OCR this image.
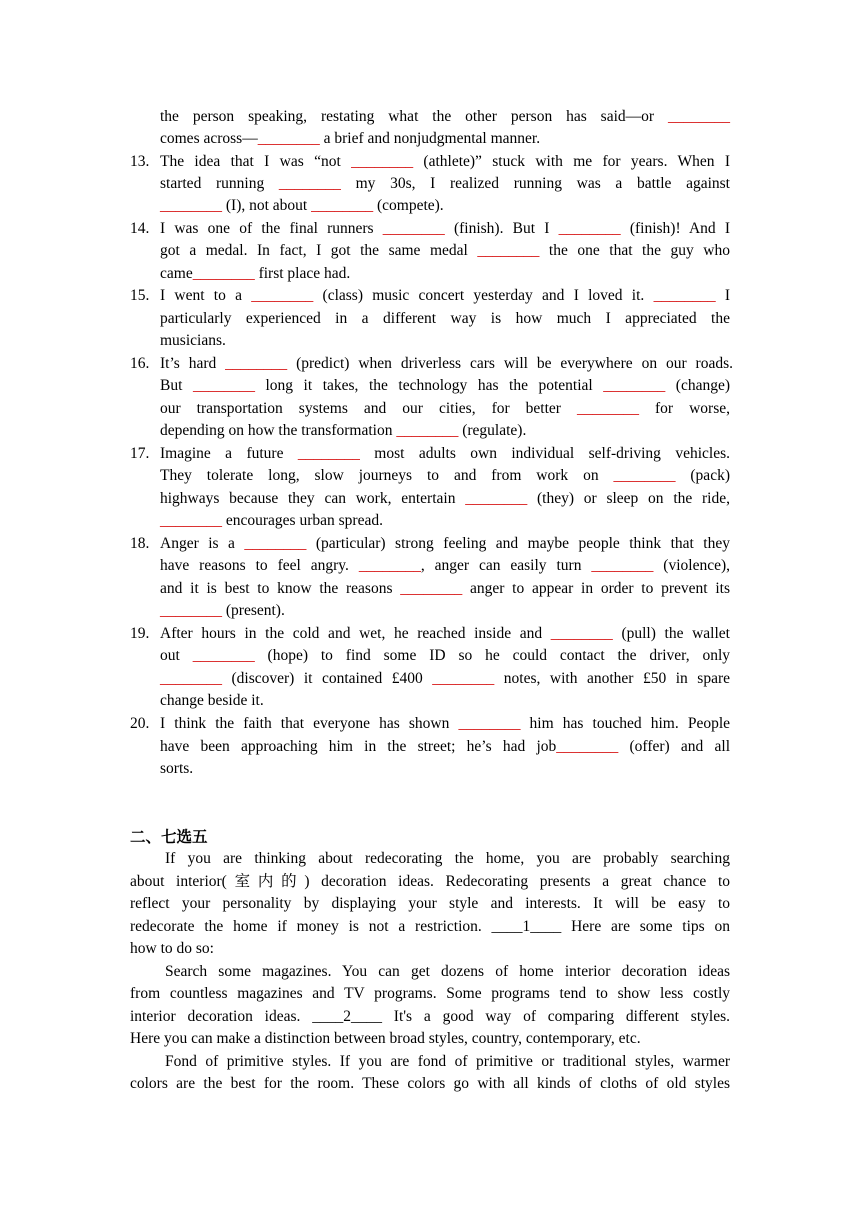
the person speaking, restating what the other person has said—or ________
comes across—________ a brief and nonjudgmental manner.
13. The idea that I was “not ________ (athlete)” stuck with me for years. When I
started running ________ my 30s, I realized running was a battle against
________ (I), not about ________ (compete).
14. I was one of the final runners ________ (finish). But I ________ (finish)! And I
got a medal. In fact, I got the same medal ________ the one that the guy who
came________ first place had.
15. I went to a ________ (class) music concert yesterday and I loved it. ________ I
particularly experienced in a different way is how much I appreciated the
musicians.
16. It’s hard ________ (predict) when driverless cars will be everywhere on our roads.
But ________ long it takes, the technology has the potential ________ (change)
our transportation systems and our cities, for better ________ for worse,
depending on how the transformation ________ (regulate).
17. Imagine a future ________ most adults own individual self-driving vehicles.
They tolerate long, slow journeys to and from work on ________ (pack)
highways because they can work, entertain ________ (they) or sleep on the ride,
________ encourages urban spread.
18. Anger is a ________ (particular) strong feeling and maybe people think that they
have reasons to feel angry. ________, anger can easily turn ________ (violence),
and it is best to know the reasons ________ anger to appear in order to prevent its
________ (present).
19. After hours in the cold and wet, he reached inside and ________ (pull) the wallet
out ________ (hope) to find some ID so he could contact the driver, only
________ (discover) it contained £400 ________ notes, with another £50 in spare
change beside it.
20. I think the faith that everyone has shown ________ him has touched him. People
have been approaching him in the street; he’s had job________ (offer) and all
sorts.
二、七选五
If you are thinking about redecorating the home, you are probably searching
about interior(室内的) decoration ideas. Redecorating presents a great chance to
reflect your personality by displaying your style and interests. It will be easy to
redecorate the home if money is not a restriction. ____1____ Here are some tips on
how to do so:
Search some magazines. You can get dozens of home interior decoration ideas
from countless magazines and TV programs. Some programs tend to show less costly
interior decoration ideas. ____2____ It's a good way of comparing different styles.
Here you can make a distinction between broad styles, country, contemporary, etc.
Fond of primitive styles. If you are fond of primitive or traditional styles, warmer
colors are the best for the room. These colors go with all kinds of cloths of old styles
